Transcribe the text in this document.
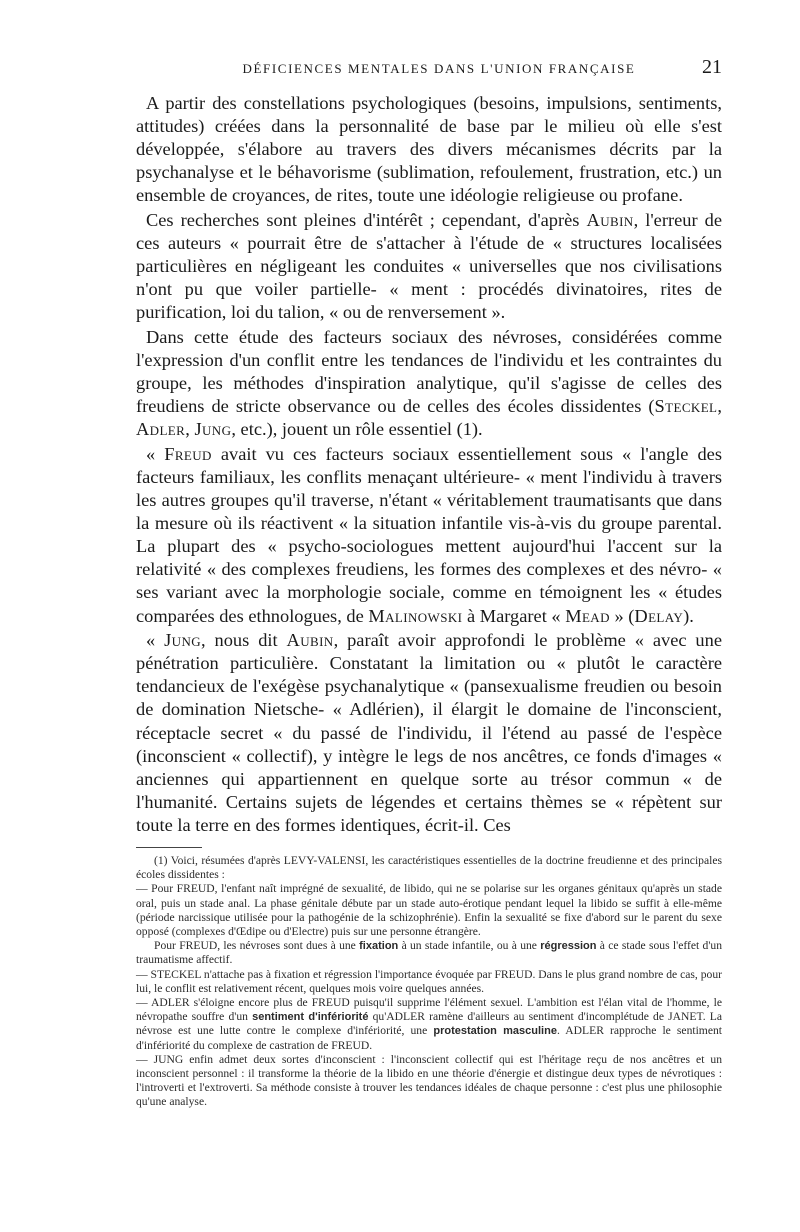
DÉFICIENCES MENTALES DANS L'UNION FRANÇAISE	21

A partir des constellations psychologiques (besoins, impulsions, sentiments, attitudes) créées dans la personnalité de base par le milieu où elle s'est développée, s'élabore au travers des divers mécanismes décrits par la psychanalyse et le béhavorisme (sublimation, refoulement, frustration, etc.) un ensemble de croyances, de rites, toute une idéologie religieuse ou profane.

Ces recherches sont pleines d'intérêt ; cependant, d'après Aubin, l'erreur de ces auteurs « pourrait être de s'attacher à l'étude de « structures localisées particulières en négligeant les conduites « universelles que nos civilisations n'ont pu que voiler partielle- « ment : procédés divinatoires, rites de purification, loi du talion, « ou de renversement ».

Dans cette étude des facteurs sociaux des névroses, considérées comme l'expression d'un conflit entre les tendances de l'individu et les contraintes du groupe, les méthodes d'inspiration analytique, qu'il s'agisse de celles des freudiens de stricte observance ou de celles des écoles dissidentes (Steckel, Adler, Jung, etc.), jouent un rôle essentiel (1).

« Freud avait vu ces facteurs sociaux essentiellement sous « l'angle des facteurs familiaux, les conflits menaçant ultérieure- « ment l'individu à travers les autres groupes qu'il traverse, n'étant « véritablement traumatisants que dans la mesure où ils réactivent « la situation infantile vis-à-vis du groupe parental. La plupart des « psycho-sociologues mettent aujourd'hui l'accent sur la relativité « des complexes freudiens, les formes des complexes et des névro- « ses variant avec la morphologie sociale, comme en témoignent les « études comparées des ethnologues, de Malinowski à Margaret « Mead » (Delay).

« Jung, nous dit Aubin, paraît avoir approfondi le problème « avec une pénétration particulière. Constatant la limitation ou « plutôt le caractère tendancieux de l'exégèse psychanalytique « (pansexualisme freudien ou besoin de domination Nietsche- « Adlérien), il élargit le domaine de l'inconscient, réceptacle secret « du passé de l'individu, il l'étend au passé de l'espèce (inconscient « collectif), y intègre le legs de nos ancêtres, ce fonds d'images « anciennes qui appartiennent en quelque sorte au trésor commun « de l'humanité. Certains sujets de légendes et certains thèmes se « répètent sur toute la terre en des formes identiques, écrit-il. Ces

(1) Voici, résumées d'après LEVY-VALENSI, les caractéristiques essentielles de la doctrine freudienne et des principales écoles dissidentes :

— Pour FREUD, l'enfant naît imprégné de sexualité, de libido, qui ne se polarise sur les organes génitaux qu'après un stade oral, puis un stade anal. La phase génitale débute par un stade auto-érotique pendant lequel la libido se suffit à elle-même (période narcissique utilisée pour la pathogénie de la schizophrénie). Enfin la sexualité se fixe d'abord sur le parent du sexe opposé (complexes d'Œdipe ou d'Electre) puis sur une personne étrangère.

Pour FREUD, les névroses sont dues à une fixation à un stade infantile, ou à une régression à ce stade sous l'effet d'un traumatisme affectif.

— STECKEL n'attache pas à fixation et régression l'importance évoquée par FREUD. Dans le plus grand nombre de cas, pour lui, le conflit est relativement récent, quelques mois voire quelques années.

— ADLER s'éloigne encore plus de FREUD puisqu'il supprime l'élément sexuel. L'ambition est l'élan vital de l'homme, le névropathe souffre d'un sentiment d'infériorité qu'ADLER ramène d'ailleurs au sentiment d'incomplétude de JANET. La névrose est une lutte contre le complexe d'infériorité, une protestation masculine. ADLER rapproche le sentiment d'infériorité du complexe de castration de FREUD.

— JUNG enfin admet deux sortes d'inconscient : l'inconscient collectif qui est l'héritage reçu de nos ancêtres et un inconscient personnel : il transforme la théorie de la libido en une théorie d'énergie et distingue deux types de névrotiques : l'introverti et l'extroverti. Sa méthode consiste à trouver les tendances idéales de chaque personne : c'est plus une philosophie qu'une analyse.
